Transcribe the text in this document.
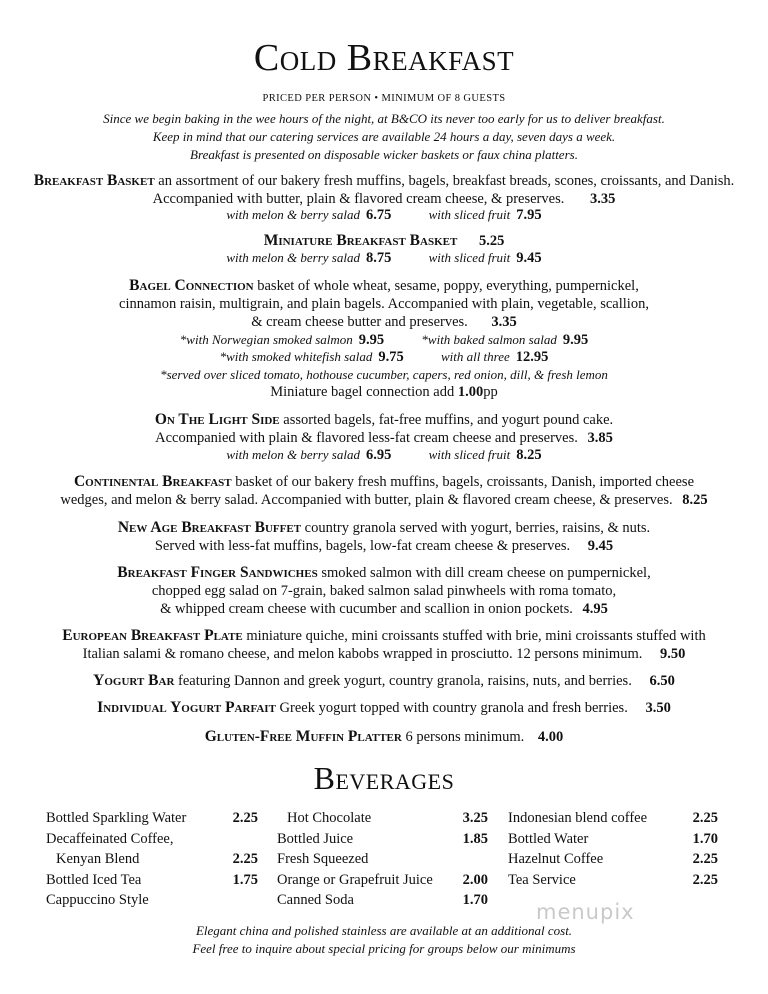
Cold Breakfast
PRICED PER PERSON • MINIMUM OF 8 GUESTS
Since we begin baking in the wee hours of the night, at B&CO its never too early for us to deliver breakfast.
Keep in mind that our catering services are available 24 hours a day, seven days a week.
Breakfast is presented on disposable wicker baskets or faux china platters.
Breakfast Basket an assortment of our bakery fresh muffins, bagels, breakfast breads, scones, croissants, and Danish.
Accompanied with butter, plain & flavored cream cheese, & preserves. 3.35
with melon & berry salad 6.75	with sliced fruit 7.95
Miniature Breakfast Basket 5.25
with melon & berry salad 8.75	with sliced fruit 9.45
Bagel Connection basket of whole wheat, sesame, poppy, everything, pumpernickel,
cinnamon raisin, multigrain, and plain bagels. Accompanied with plain, vegetable, scallion,
& cream cheese butter and preserves. 3.35
*with Norwegian smoked salmon 9.95	*with baked salmon salad 9.95
*with smoked whitefish salad 9.75	with all three 12.95
*served over sliced tomato, hothouse cucumber, capers, red onion, dill, & fresh lemon
Miniature bagel connection add 1.00pp
On The Light Side assorted bagels, fat-free muffins, and yogurt pound cake.
Accompanied with plain & flavored less-fat cream cheese and preserves. 3.85
with melon & berry salad 6.95	with sliced fruit 8.25
Continental Breakfast basket of our bakery fresh muffins, bagels, croissants, Danish, imported cheese
wedges, and melon & berry salad. Accompanied with butter, plain & flavored cream cheese, & preserves. 8.25
New Age Breakfast Buffet country granola served with yogurt, berries, raisins, & nuts.
Served with less-fat muffins, bagels, low-fat cream cheese & preserves. 9.45
Breakfast Finger Sandwiches smoked salmon with dill cream cheese on pumpernickel,
chopped egg salad on 7-grain, baked salmon salad pinwheels with roma tomato,
& whipped cream cheese with cucumber and scallion in onion pockets. 4.95
European Breakfast Plate miniature quiche, mini croissants stuffed with brie, mini croissants stuffed with
Italian salami & romano cheese, and melon kabobs wrapped in prosciutto. 12 persons minimum. 9.50
Yogurt Bar featuring Dannon and greek yogurt, country granola, raisins, nuts, and berries. 6.50
Individual Yogurt Parfait Greek yogurt topped with country granola and fresh berries. 3.50
Gluten-Free Muffin Platter 6 persons minimum. 4.00
Beverages
Bottled Sparkling Water	2.25
Decaffeinated Coffee,
Kenyan Blend	2.25
Bottled Iced Tea	1.75
Cappuccino Style
Hot Chocolate	3.25
Bottled Juice	1.85
Fresh Squeezed
Orange or Grapefruit Juice 2.00
Canned Soda	1.70
Indonesian blend coffee	2.25
Bottled Water	1.70
Hazelnut Coffee	2.25
Tea Service	2.25
menupix
Elegant china and polished stainless are available at an additional cost.
Feel free to inquire about special pricing for groups below our minimums
